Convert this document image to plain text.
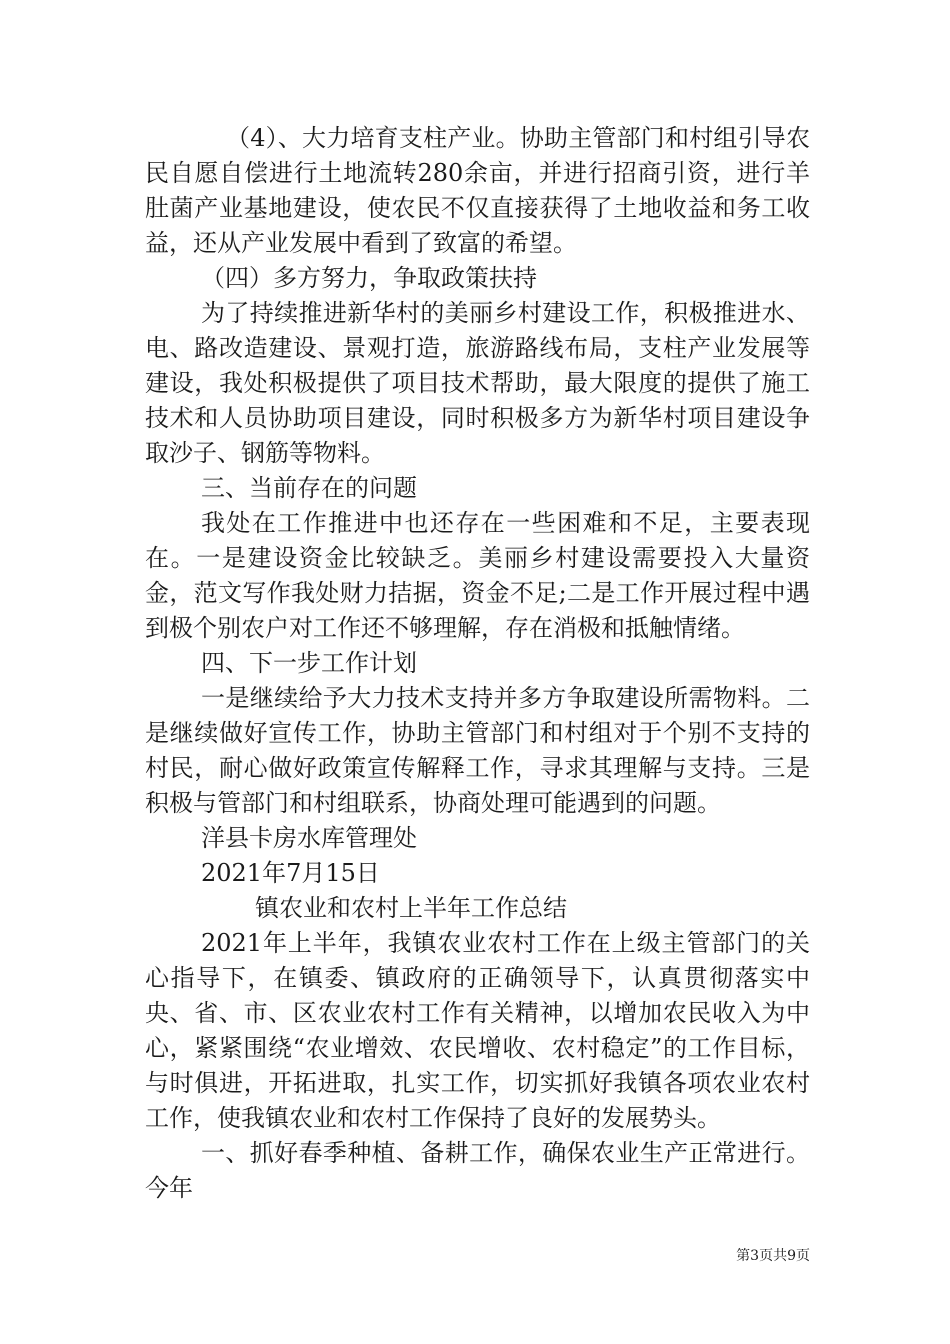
（4）、大力培育支柱产业。协助主管部门和村组引导农民自愿自偿进行土地流转280余亩，并进行招商引资，进行羊肚菌产业基地建设，使农民不仅直接获得了土地收益和务工收益，还从产业发展中看到了致富的希望。

（四）多方努力，争取政策扶持

为了持续推进新华村的美丽乡村建设工作，积极推进水、电、路改造建设、景观打造，旅游路线布局，支柱产业发展等建设，我处积极提供了项目技术帮助，最大限度的提供了施工技术和人员协助项目建设，同时积极多方为新华村项目建设争取沙子、钢筋等物料。

三、当前存在的问题

我处在工作推进中也还存在一些困难和不足，主要表现在。一是建设资金比较缺乏。美丽乡村建设需要投入大量资金，范文写作我处财力拮据，资金不足;二是工作开展过程中遇到极个别农户对工作还不够理解，存在消极和抵触情绪。

四、下一步工作计划

一是继续给予大力技术支持并多方争取建设所需物料。二是继续做好宣传工作，协助主管部门和村组对于个别不支持的村民，耐心做好政策宣传解释工作，寻求其理解与支持。三是积极与管部门和村组联系，协商处理可能遇到的问题。

洋县卡房水库管理处

2021年7月15日

镇农业和农村上半年工作总结

2021年上半年，我镇农业农村工作在上级主管部门的关心指导下，在镇委、镇政府的正确领导下，认真贯彻落实中央、省、市、区农业农村工作有关精神，以增加农民收入为中心，紧紧围绕“农业增效、农民增收、农村稳定”的工作目标，与时俱进，开拓进取，扎实工作，切实抓好我镇各项农业农村工作，使我镇农业和农村工作保持了良好的发展势头。

一、抓好春季种植、备耕工作，确保农业生产正常进行。今年

第3页共9页
